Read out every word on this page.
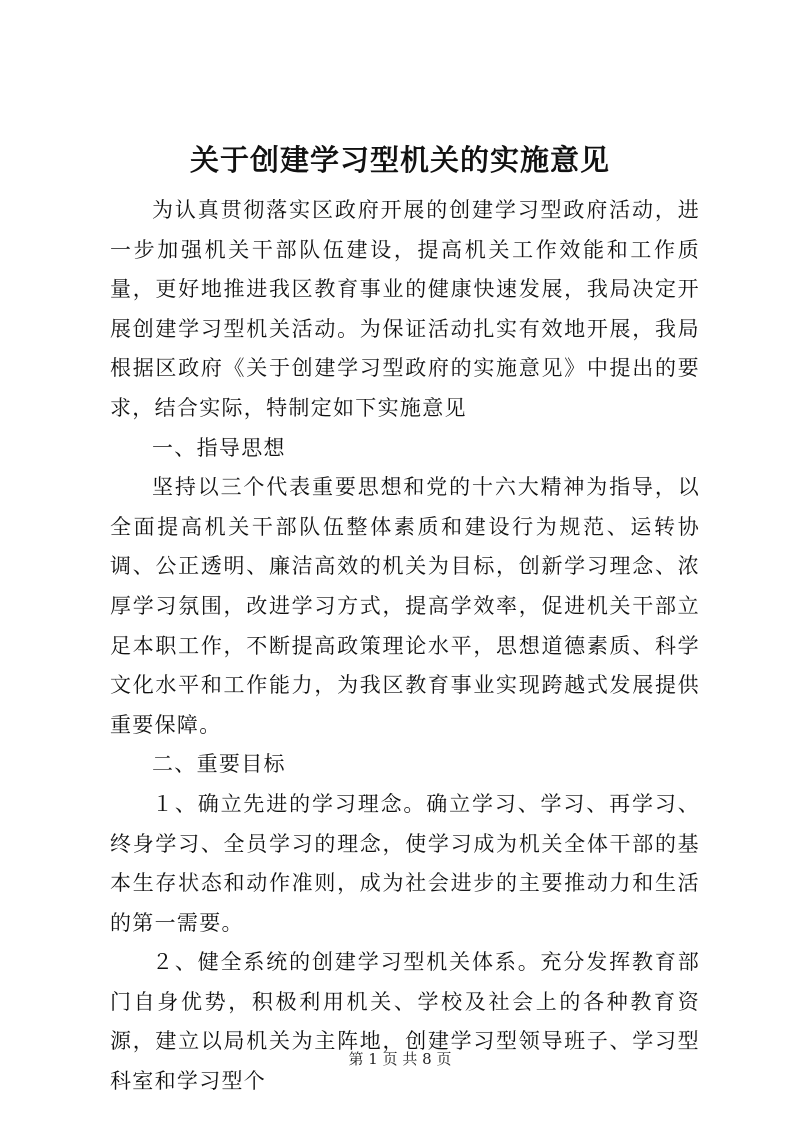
关于创建学习型机关的实施意见

为认真贯彻落实区政府开展的创建学习型政府活动，进一步加强机关干部队伍建设，提高机关工作效能和工作质量，更好地推进我区教育事业的健康快速发展，我局决定开展创建学习型机关活动。为保证活动扎实有效地开展，我局根据区政府《关于创建学习型政府的实施意见》中提出的要求，结合实际，特制定如下实施意见

一、指导思想

坚持以三个代表重要思想和党的十六大精神为指导，以全面提高机关干部队伍整体素质和建设行为规范、运转协调、公正透明、廉洁高效的机关为目标，创新学习理念、浓厚学习氛围，改进学习方式，提高学效率，促进机关干部立足本职工作，不断提高政策理论水平，思想道德素质、科学文化水平和工作能力，为我区教育事业实现跨越式发展提供重要保障。

二、重要目标

１、确立先进的学习理念。确立学习、学习、再学习、终身学习、全员学习的理念，使学习成为机关全体干部的基本生存状态和动作准则，成为社会进步的主要推动力和生活的第一需要。

２、健全系统的创建学习型机关体系。充分发挥教育部门自身优势，积极利用机关、学校及社会上的各种教育资源，建立以局机关为主阵地，创建学习型领导班子、学习型科室和学习型个

第 1 页 共 8 页
